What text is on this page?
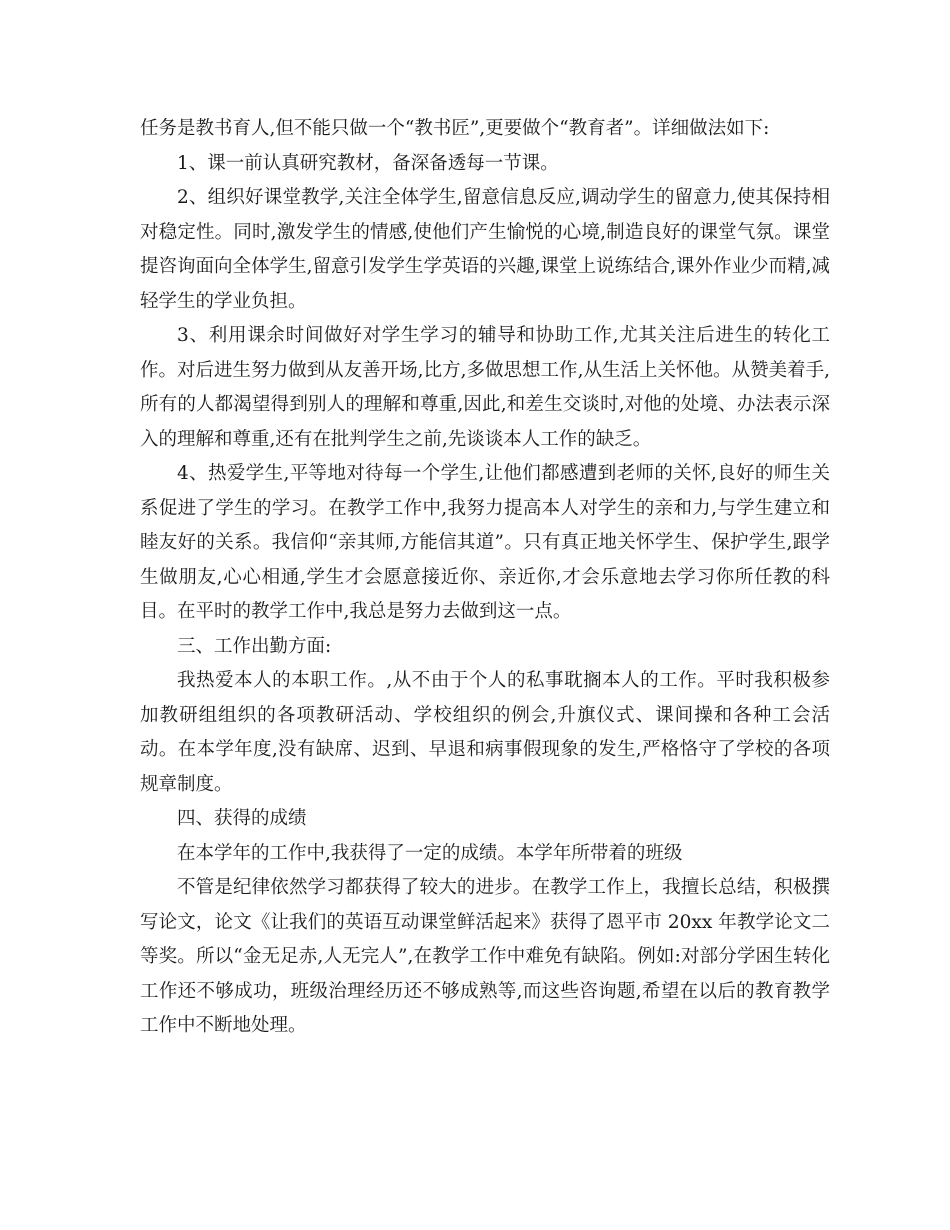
任务是教书育人,但不能只做一个“教书匠”,更要做个“教育者”。详细做法如下:

1、课一前认真研究教材，备深备透每一节课。

2、组织好课堂教学,关注全体学生,留意信息反应,调动学生的留意力,使其保持相对稳定性。同时,激发学生的情感,使他们产生愉悦的心境,制造良好的课堂气氛。课堂提咨询面向全体学生,留意引发学生学英语的兴趣,课堂上说练结合,课外作业少而精,减轻学生的学业负担。

3、利用课余时间做好对学生学习的辅导和协助工作,尤其关注后进生的转化工作。对后进生努力做到从友善开场,比方,多做思想工作,从生活上关怀他。从赞美着手,所有的人都渴望得到别人的理解和尊重,因此,和差生交谈时,对他的处境、办法表示深入的理解和尊重,还有在批判学生之前,先谈谈本人工作的缺乏。

4、热爱学生,平等地对待每一个学生,让他们都感遭到老师的关怀,良好的师生关系促进了学生的学习。在教学工作中,我努力提高本人对学生的亲和力,与学生建立和睦友好的关系。我信仰“亲其师,方能信其道”。只有真正地关怀学生、保护学生,跟学生做朋友,心心相通,学生才会愿意接近你、亲近你,才会乐意地去学习你所任教的科目。在平时的教学工作中,我总是努力去做到这一点。

三、工作出勤方面:

我热爱本人的本职工作。,从不由于个人的私事耽搁本人的工作。平时我积极参加教研组组织的各项教研活动、学校组织的例会,升旗仪式、课间操和各种工会活动。在本学年度,没有缺席、迟到、早退和病事假现象的发生,严格恪守了学校的各项规章制度。

四、获得的成绩

在本学年的工作中,我获得了一定的成绩。本学年所带着的班级

不管是纪律依然学习都获得了较大的进步。在教学工作上，我擅长总结，积极撰写论文，论文《让我们的英语互动课堂鲜活起来》获得了恩平市 20xx 年教学论文二等奖。所以“金无足赤,人无完人”,在教学工作中难免有缺陷。例如:对部分学困生转化工作还不够成功，班级治理经历还不够成熟等,而这些咨询题,希望在以后的教育教学工作中不断地处理。
